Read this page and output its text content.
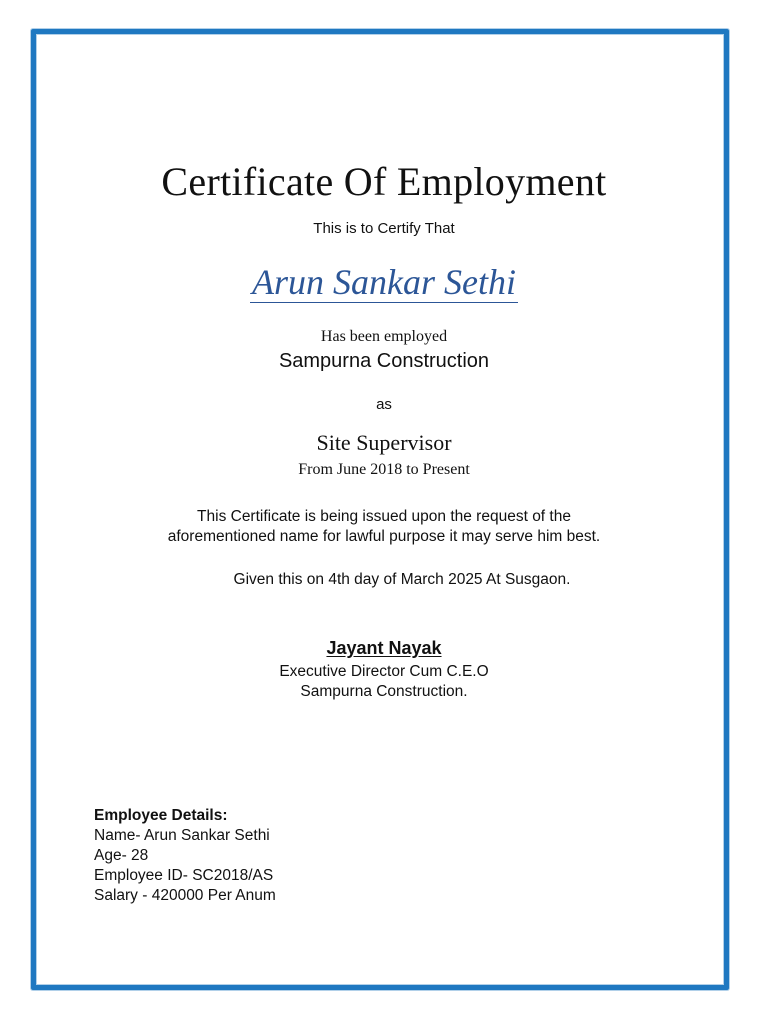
Certificate Of Employment
This is to Certify That
Arun Sankar Sethi
Has been employed
Sampurna Construction
as
Site Supervisor
From June 2018 to Present
This Certificate is being issued upon the request of the
aforementioned name for lawful purpose it may serve him best.
Given this on 4th day of March 2025 At Susgaon.
Jayant Nayak
Executive Director Cum C.E.O
Sampurna Construction.
Employee Details:
Name- Arun Sankar Sethi
Age- 28
Employee ID- SC2018/AS
Salary - 420000 Per Anum
